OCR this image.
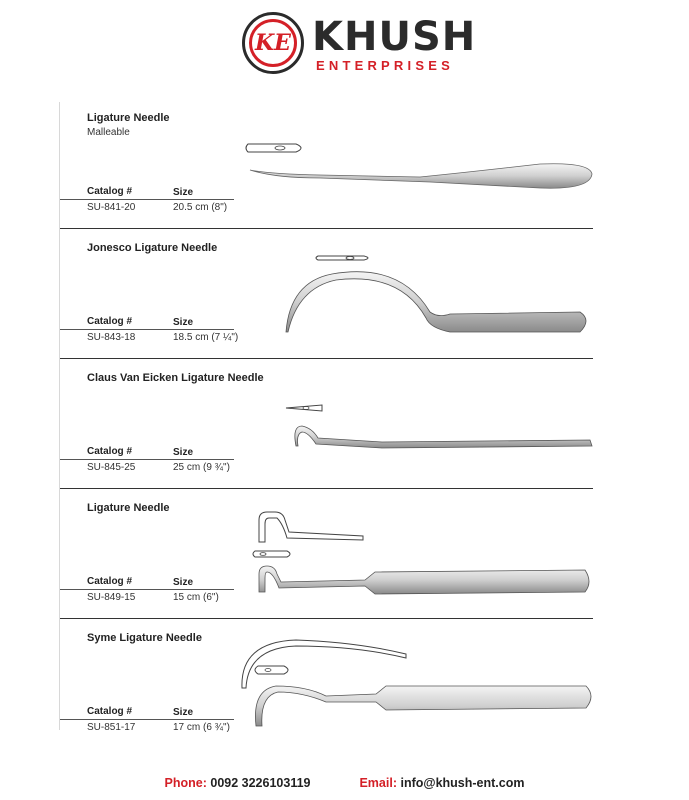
KE KHUSH
ENTERPRISES
Ligature Needle
Malleable
Catalog #	Size
SU-841-20	20.5 cm (8")
Jonesco Ligature Needle
Catalog #	Size
SU-843-18	18.5 cm (7 ¼")
Claus Van Eicken Ligature Needle
Catalog #	Size
SU-845-25	25 cm (9 ¾")
Ligature Needle
Catalog #	Size
SU-849-15	15 cm (6")
Syme Ligature Needle
Catalog #	Size
SU-851-17	17 cm (6 ¾")
Phone: 0092 3226103119	Email: info@khush-ent.com
